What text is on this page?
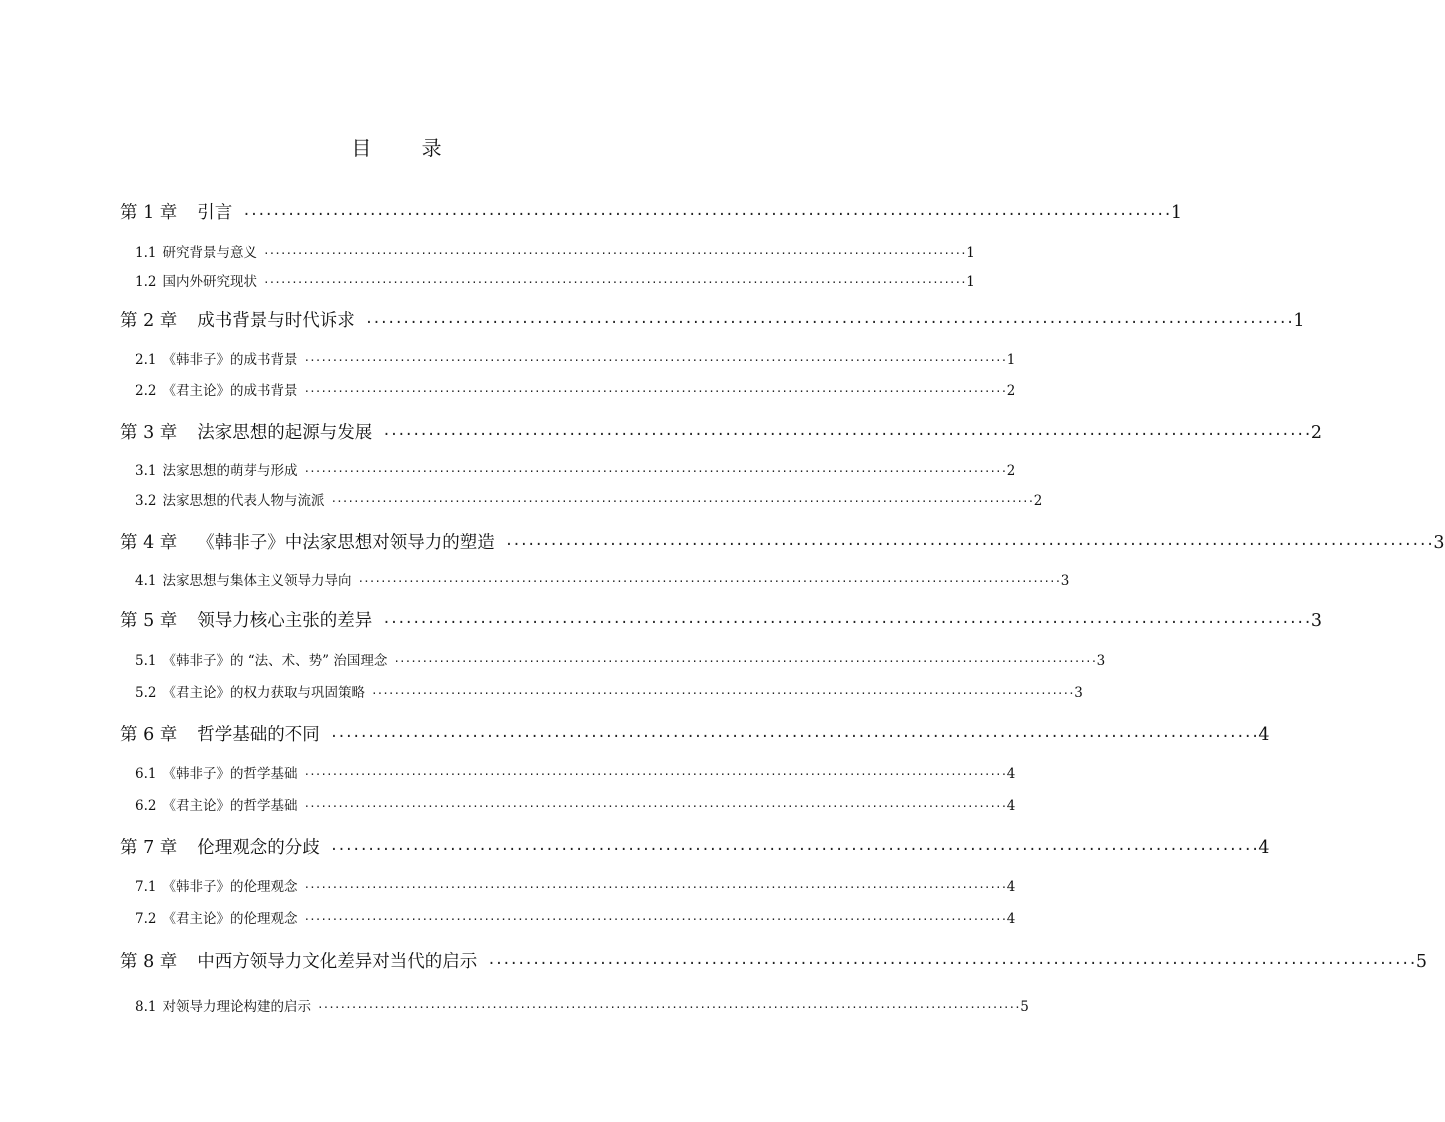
目 录
第 1 章 引言 ····························································································································· 1
1.1 研究背景与意义 ····························································································································· 1
1.2 国内外研究现状 ····························································································································· 1
第 2 章 成书背景与时代诉求 ····························································································································· 1
2.1 《韩非子》的成书背景 ····························································································································· 1
2.2 《君主论》的成书背景 ····························································································································· 2
第 3 章 法家思想的起源与发展 ····························································································································· 2
3.1 法家思想的萌芽与形成 ····························································································································· 2
3.2 法家思想的代表人物与流派 ····························································································································· 2
第 4 章 《韩非子》中法家思想对领导力的塑造 ····························································································································· 3
4.1 法家思想与集体主义领导力导向 ····························································································································· 3
第 5 章 领导力核心主张的差异 ····························································································································· 3
5.1 《韩非子》的 “法、术、势” 治国理念 ····························································································································· 3
5.2 《君主论》的权力获取与巩固策略 ····························································································································· 3
第 6 章 哲学基础的不同 ····························································································································· 4
6.1 《韩非子》的哲学基础 ····························································································································· 4
6.2 《君主论》的哲学基础 ····························································································································· 4
第 7 章 伦理观念的分歧 ····························································································································· 4
7.1 《韩非子》的伦理观念 ····························································································································· 4
7.2 《君主论》的伦理观念 ····························································································································· 4
第 8 章 中西方领导力文化差异对当代的启示 ····························································································································· 5
8.1 对领导力理论构建的启示 ····························································································································· 5
